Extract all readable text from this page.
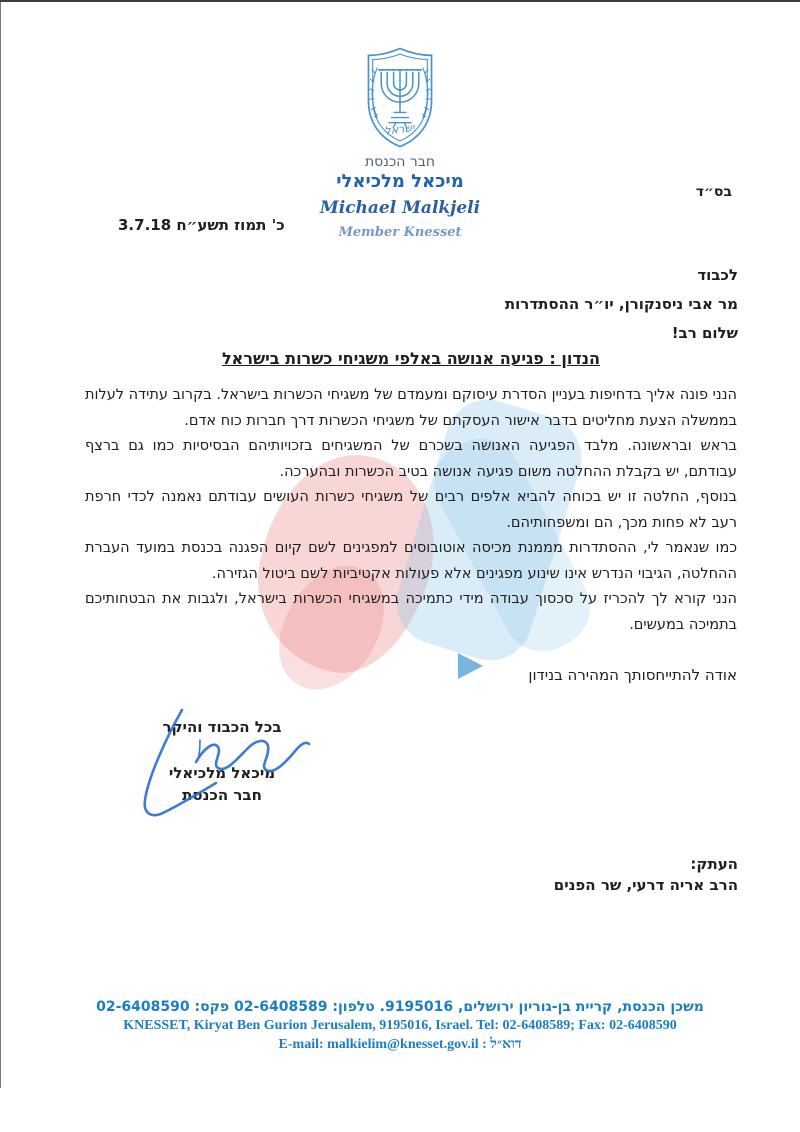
ישראל
חבר הכנסת
מיכאל מלכיאלי
Michael Malkjeli
Member Knesset
בס״ד
כ' תמוז תשע״ח 3.7.18
לכבוד
מר אבי ניסנקורן, יו״ר ההסתדרות
שלום רב!
הנדון : פגיעה אנושה באלפי משגיחי כשרות בישראל

הנני פונה אליך בדחיפות בעניין הסדרת עיסוקם ומעמדם של משגיחי הכשרות בישראל. בקרוב עתידה לעלות בממשלה הצעת מחליטים בדבר אישור העסקתם של משגיחי הכשרות דרך חברות כוח אדם.

בראש ובראשונה. מלבד הפגיעה האנושה בשכרם של המשגיחים בזכויותיהם הבסיסיות כמו גם ברצף עבודתם, יש בקבלת ההחלטה משום פגיעה אנושה בטיב הכשרות ובהערכה.

בנוסף, החלטה זו יש בכוחה להביא אלפים רבים של משגיחי כשרות העושים עבודתם נאמנה לכדי חרפת רעב לא פחות מכך, הם ומשפחותיהם.

כמו שנאמר לי, ההסתדרות מממנת מכיסה אוטובוסים למפגינים לשם קיום הפגנה בכנסת במועד העברת ההחלטה, הגיבוי הנדרש אינו שינוע מפגינים אלא פעולות אקטיביות לשם ביטול הגזירה.

הנני קורא לך להכריז על סכסוך עבודה מידי כתמיכה במשגיחי הכשרות בישראל, ולגבות את הבטחותיכם בתמיכה במעשים.

אודה להתייחסותך המהירה בנידון
בכל הכבוד והיקר
מיכאל מלכיאלי
חבר הכנסת
העתק:
הרב אריה דרעי, שר הפנים
משכן הכנסת, קריית בן-גוריון ירושלים, 9195016. טלפון: 02-6408589 פקס: 02-6408590
KNESSET, Kiryat Ben Gurion Jerusalem, 9195016, Israel. Tel: 02-6408589; Fax: 02-6408590
דוא״ל : E-mail: malkielim@knesset.gov.il
